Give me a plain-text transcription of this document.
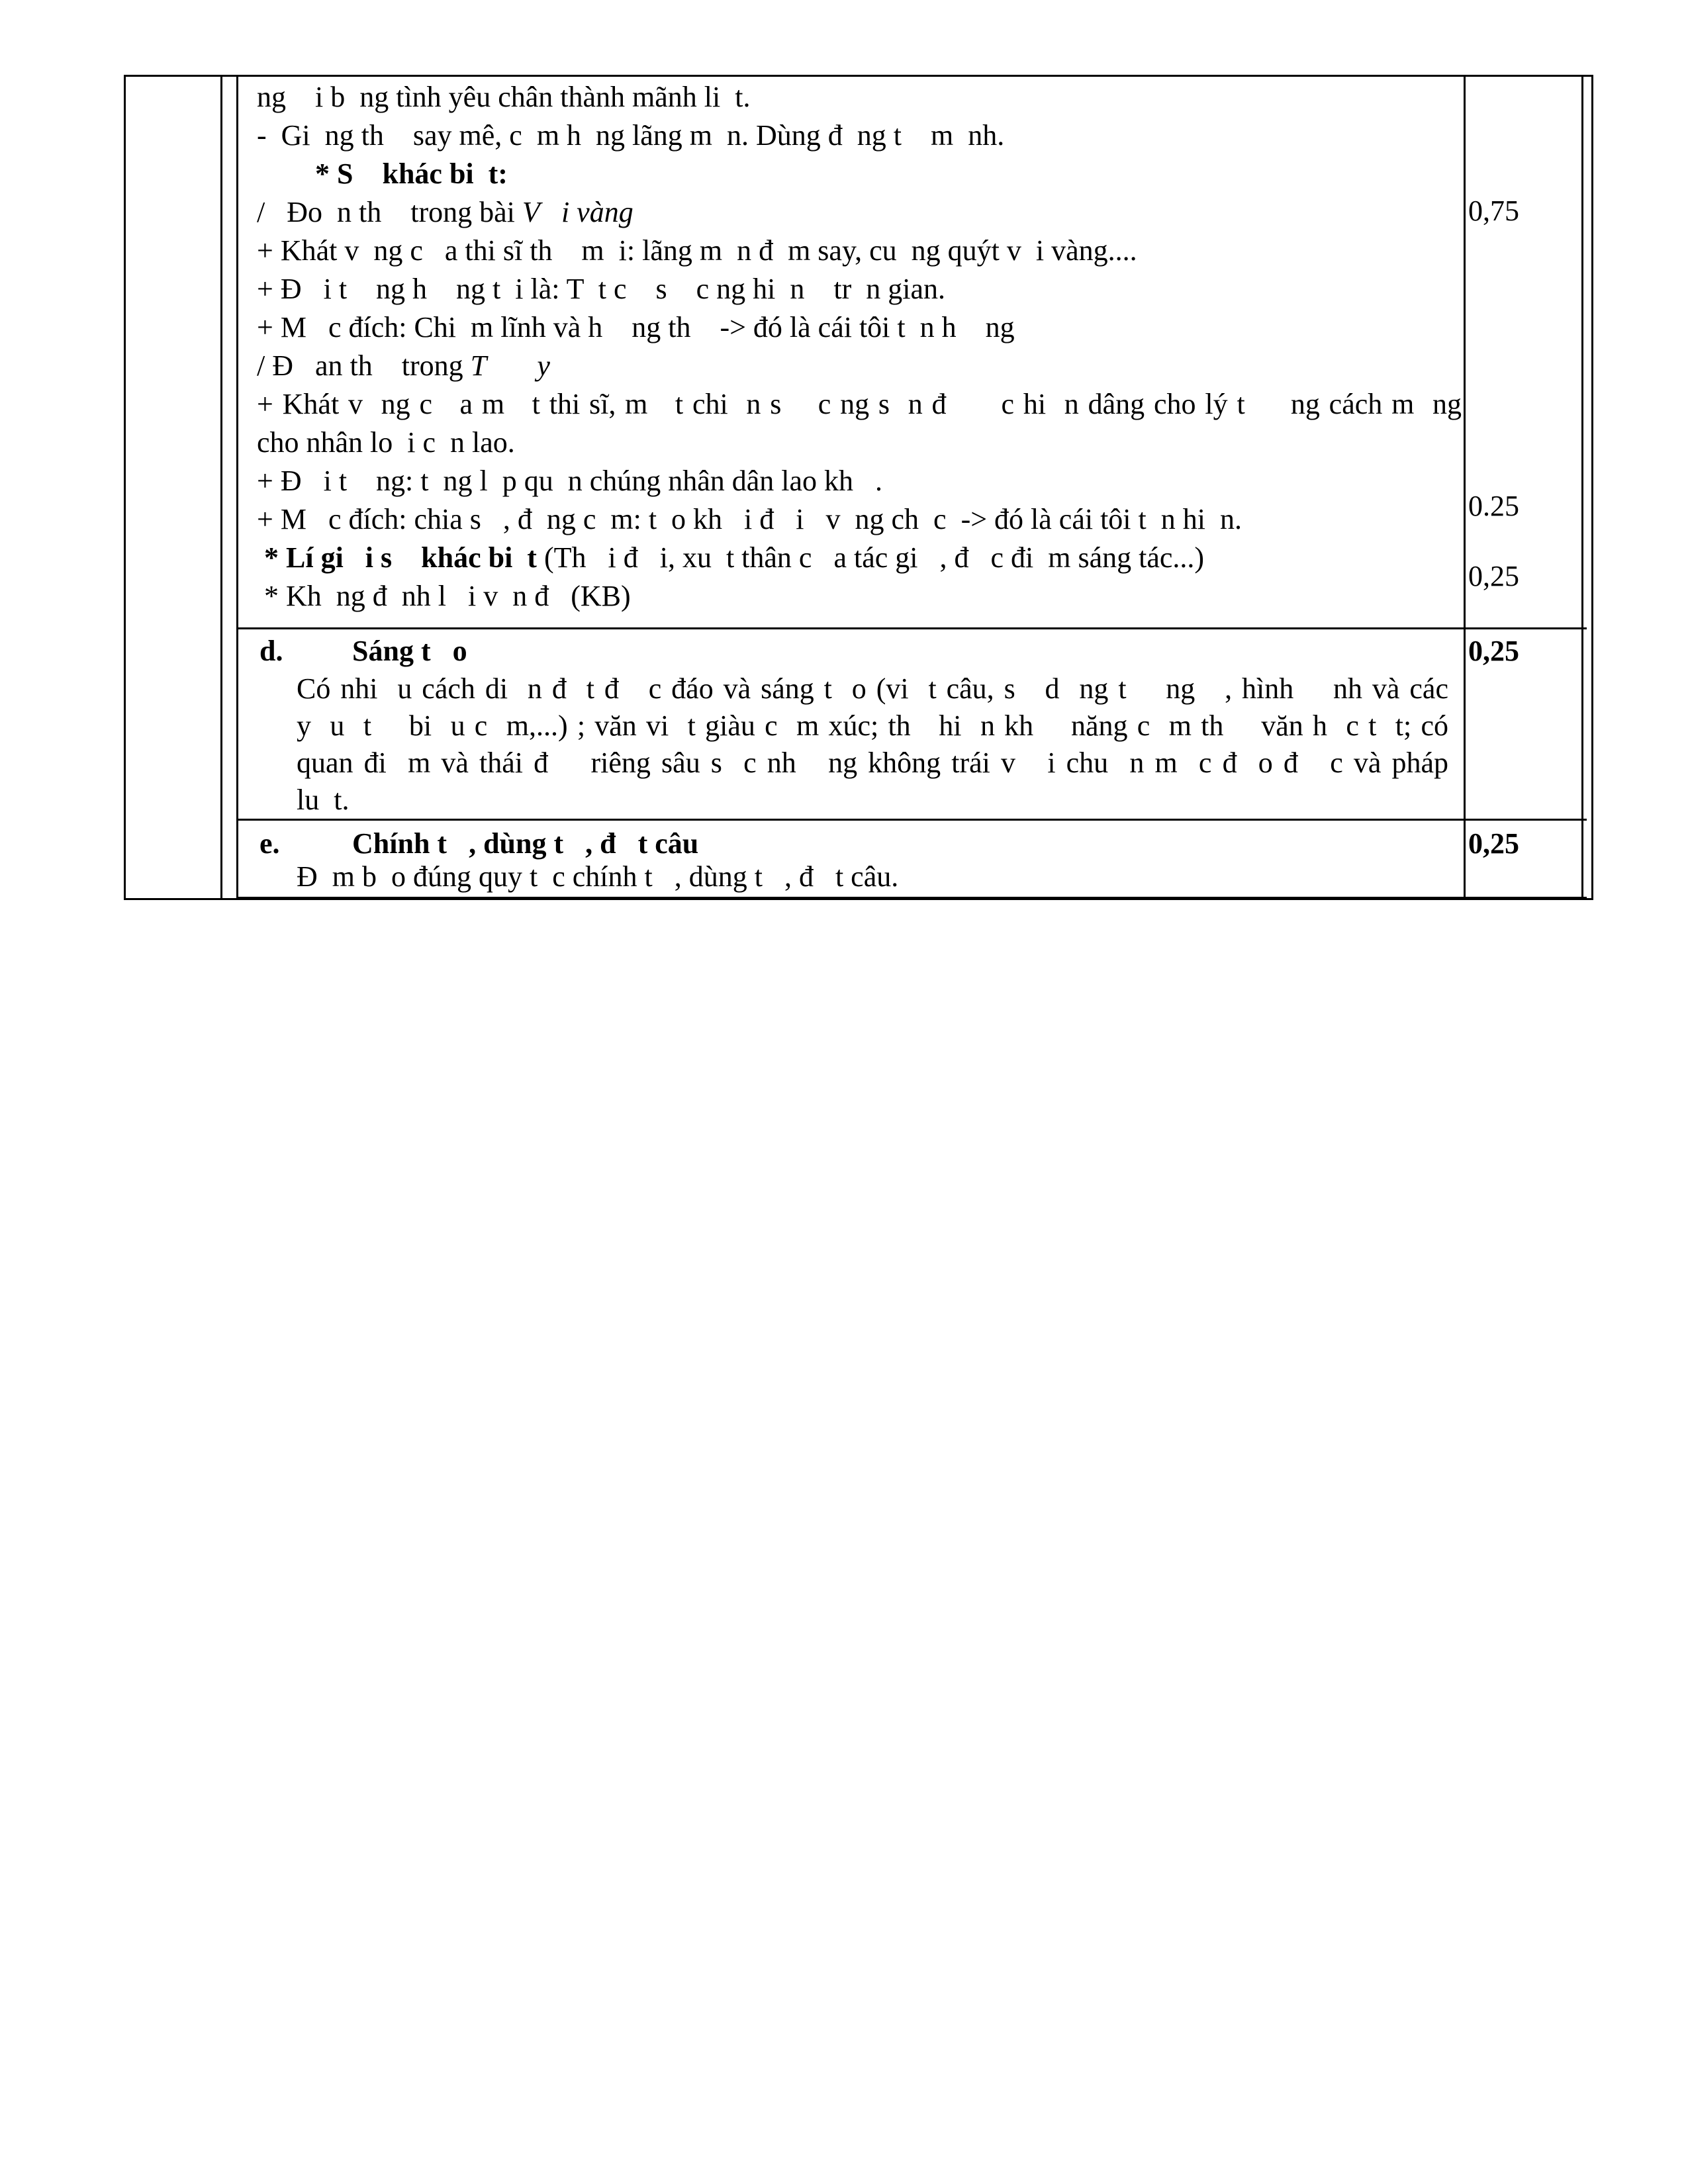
ng    i b  ng tình yêu chân thành mãnh li  t.
-  Gi  ng th    say mê, c  m h  ng lãng m  n. Dùng đ  ng t    m  nh.
* S    khác bi  t:
/   Đo  n th    trong bài V   i vàng
+ Khát v  ng c   a thi sĩ th    m  i: lãng m  n đ  m say, cu  ng quýt v  i vàng....
+ Đ   i t    ng h    ng t  i là: T  t c    s    c ng hi  n    tr  n gian.
+ M   c đích: Chi  m lĩnh và h    ng th    -> đó là cái tôi t  n h    ng
/ Đ   an th    trong T       y
+ Khát v  ng c   a m   t thi sĩ, m   t chi  n s    c ng s  n đ      c hi  n dâng cho lý t     ng cách m  ng
cho nhân lo  i c  n lao.
+ Đ   i t    ng: t  ng l  p qu  n chúng nhân dân lao kh   .
+ M   c đích: chia s   , đ  ng c  m: t  o kh   i đ   i   v  ng ch  c  -> đó là cái tôi t  n hi  n.
* Lí gi   i s    khác bi  t (Th   i đ   i, xu  t thân c   a tác gi   , đ   c đi  m sáng tác...)
* Kh  ng đ  nh l   i v  n đ   (KB)
0,75
0.25
0,25
d. Sáng t   o
Có nhi  u cách di  n đ  t đ   c đáo và sáng t  o (vi  t câu, s   d  ng t    ng   , hình    nh và các
y  u  t    bi  u c  m,...) ; văn vi  t giàu c  m xúc; th   hi  n kh    năng c  m th    văn h  c t  t; có
quan đi  m và thái đ    riêng sâu s  c nh   ng không trái v   i chu  n m  c đ  o đ   c và pháp
lu  t.
0,25
e. Chính t   , dùng t   , đ   t câu
Đ  m b  o đúng quy t  c chính t   , dùng t   , đ   t câu.
0,25
